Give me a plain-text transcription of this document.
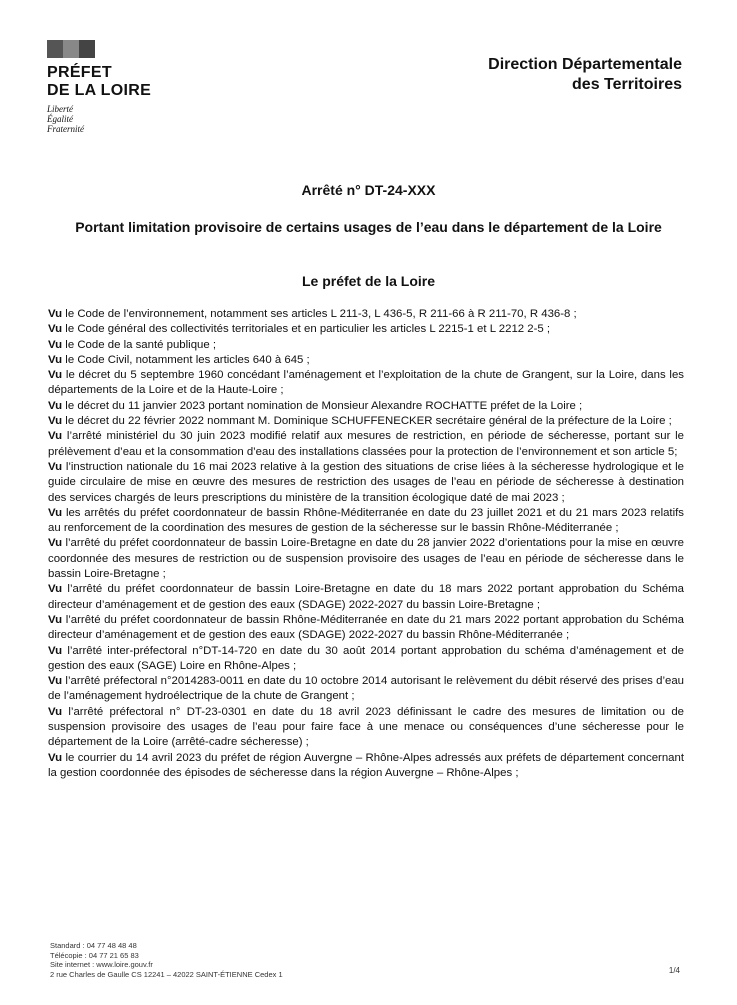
PRÉFET
DE LA LOIRE
Liberté
Égalité
Fraternité
Direction Départementale
des Territoires
Arrêté n° DT-24-XXX
Portant limitation provisoire de certains usages de l’eau dans le département de la Loire
Le préfet de la Loire

Vu le Code de l’environnement, notamment ses articles L 211-3, L 436-5, R 211-66 à R 211-70, R 436-8 ;

Vu le Code général des collectivités territoriales et en particulier les articles L 2215-1 et L 2212 2-5 ;

Vu le Code de la santé publique ;

Vu le Code Civil, notamment les articles 640 à 645 ;

Vu le décret du 5 septembre 1960 concédant l’aménagement et l’exploitation de la chute de Grangent, sur la Loire, dans les départements de la Loire et de la Haute-Loire ;

Vu le décret du 11 janvier 2023 portant nomination de Monsieur Alexandre ROCHATTE préfet de la Loire ;

Vu le décret du 22 février 2022 nommant M. Dominique SCHUFFENECKER secrétaire général de la préfecture de la Loire ;

Vu l’arrêté ministériel du 30 juin 2023 modifié relatif aux mesures de restriction, en période de sécheresse, portant sur le prélèvement d’eau et la consommation d’eau des installations classées pour la protection de l’environnement et son article 5;

Vu l’instruction nationale du 16 mai 2023 relative à la gestion des situations de crise liées à la sécheresse hydrologique et le guide circulaire de mise en œuvre des mesures de restriction des usages de l’eau en période de sécheresse à destination des services chargés de leurs prescriptions du ministère de la transition écologique daté de mai 2023 ;

Vu les arrêtés du préfet coordonnateur de bassin Rhône-Méditerranée en date du 23 juillet 2021 et du 21 mars 2023 relatifs au renforcement de la coordination des mesures de gestion de la sécheresse sur le bassin Rhône-Méditerranée ;

Vu l’arrêté du préfet coordonnateur de bassin Loire-Bretagne en date du 28 janvier 2022 d’orientations pour la mise en œuvre coordonnée des mesures de restriction ou de suspension provisoire des usages de l’eau en période de sécheresse dans le bassin Loire-Bretagne ;

Vu l’arrêté du préfet coordonnateur de bassin Loire-Bretagne en date du 18 mars 2022 portant approbation du Schéma directeur d’aménagement et de gestion des eaux (SDAGE) 2022-2027 du bassin Loire-Bretagne ;

Vu l’arrêté du préfet coordonnateur de bassin Rhône-Méditerranée en date du 21 mars 2022 portant approbation du Schéma directeur d’aménagement et de gestion des eaux (SDAGE) 2022-2027 du bassin Rhône-Méditerranée ;

Vu l’arrêté inter-préfectoral n°DT-14-720 en date du 30 août 2014 portant approbation du schéma d’aménagement et de gestion des eaux (SAGE) Loire en Rhône-Alpes ;

Vu l’arrêté préfectoral n°2014283-0011 en date du 10 octobre 2014 autorisant le relèvement du débit réservé des prises d’eau de l’aménagement hydroélectrique de la chute de Grangent ;

Vu l’arrêté préfectoral n° DT-23-0301 en date du 18 avril 2023 définissant le cadre des mesures de limitation ou de suspension provisoire des usages de l’eau pour faire face à une menace ou conséquences d’une sécheresse pour le département de la Loire (arrêté-cadre sécheresse) ;

Vu le courrier du 14 avril 2023 du préfet de région Auvergne – Rhône-Alpes adressés aux préfets de département concernant la gestion coordonnée des épisodes de sécheresse dans la région Auvergne – Rhône-Alpes ;

Standard : 04 77 48 48 48
Télécopie : 04 77 21 65 83
Site internet : www.loire.gouv.fr
2 rue Charles de Gaulle CS 12241 – 42022 SAINT-ÉTIENNE Cedex 1	1/4
